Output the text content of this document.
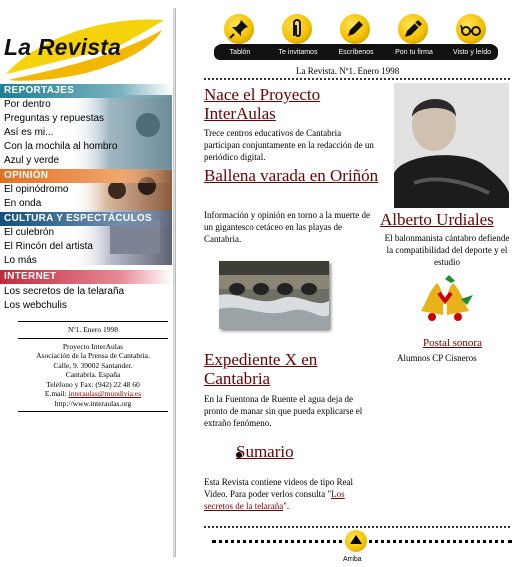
La Revista
REPORTAJES
Por dentro
Preguntas y repuestas
Así es mi...
Con la mochila al hombro
Azul y verde
OPINIÓN
El opinódromo
En onda
CULTURA Y ESPECTÁCULOS
El culebrón
El Rincón del artista
Lo más
INTERNET
Los secretos de la telaraña
Los webchulis
Nº1. Enero 1998
Proyecto InterAulas
Asociación de la Prensa de Cantabria.
Calle, 9. 39002 Santander.
Cantabria. España
Teléfono y Fax: (942) 22 48 60
E.mail: interaulas@mundivia.es
http://www.interaulas.org
Tablón	Te invitamos	Escríbenos	Pon tu firma	Visto y leído
La Revista. Nº1. Enero 1998
Nace el Proyecto InterAulas
Trece centros educativos de Cantabria participan conjuntamente en la redacción de un periódico digital.
Ballena varada en Oriñón
Información y opinión en torno a la muerte de un gigantesco cetáceo en las playas de Cantabria.
Expediente X en Cantabria
En la Fuentona de Ruente el agua deja de pronto de manar sin que pueda explicarse el extraño fenómeno.
Sumario
Esta Revista contiene videos de tipo Real Video. Para poder verlos consulta "Los secretos de la telaraña".
Alberto Urdiales
El balonmanista cántabro defiende la compatibilidad del deporte y el estudio
Postal sonora
Alumnos CP Cisneros
Arriba
